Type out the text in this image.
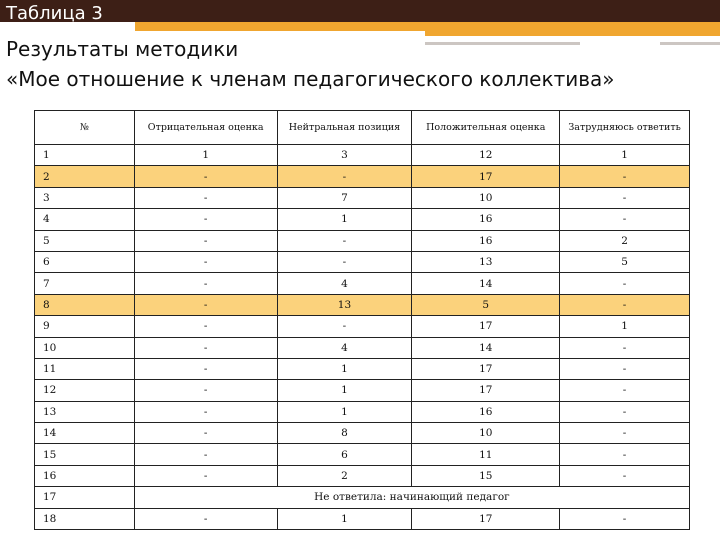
Таблица 3
Результаты методики
«Мое отношение к членам педагогического коллектива»
№	Отрицательная оценка	Нейтральная позиция	Положительная оценка	Затрудняюсь ответить
1	1	3	12	1
2	-	-	17	-
3	-	7	10	-
4	-	1	16	-
5	-	-	16	2
6	-	-	13	5
7	-	4	14	-
8	-	13	5	-
9	-	-	17	1
10	-	4	14	-
11	-	1	17	-
12	-	1	17	-
13	-	1	16	-
14	-	8	10	-
15	-	6	11	-
16	-	2	15	-
17	Не ответила: начинающий педагог			
18	-	1	17	-
